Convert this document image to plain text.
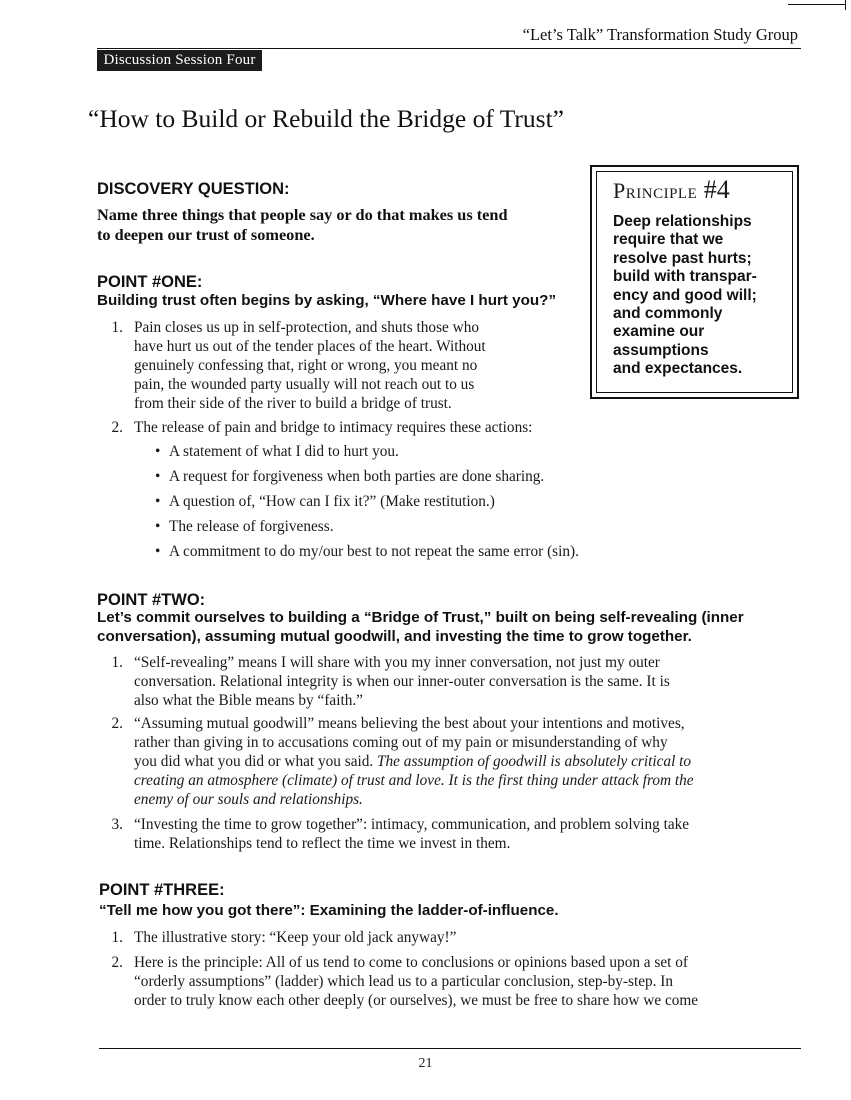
“Let’s Talk” Transformation Study Group
Discussion Session Four
“How to Build or Rebuild the Bridge of Trust”
Principle #4
Deep relationships
require that we
resolve past hurts;
build with transpar-
ency and good will;
and commonly
examine our
assumptions
and expectances.
DISCOVERY QUESTION:
Name three things that people say or do that makes us tend
to deepen our trust of someone.
POINT #ONE:
Building trust often begins by asking, “Where have I hurt you?”
1. Pain closes us up in self-protection, and shuts those who
have hurt us out of the tender places of the heart. Without
genuinely confessing that, right or wrong, you meant no
pain, the wounded party usually will not reach out to us
from their side of the river to build a bridge of trust.
2. The release of pain and bridge to intimacy requires these actions:
• A statement of what I did to hurt you.
• A request for forgiveness when both parties are done sharing.
• A question of, “How can I fix it?” (Make restitution.)
• The release of forgiveness.
• A commitment to do my/our best to not repeat the same error (sin).
POINT #TWO:
Let’s commit ourselves to building a “Bridge of Trust,” built on being self-revealing (inner
conversation), assuming mutual goodwill, and investing the time to grow together.
1. “Self-revealing” means I will share with you my inner conversation, not just my outer
conversation. Relational integrity is when our inner-outer conversation is the same. It is
also what the Bible means by “faith.”
2. “Assuming mutual goodwill” means believing the best about your intentions and motives,
rather than giving in to accusations coming out of my pain or misunderstanding of why
you did what you did or what you said. The assumption of goodwill is absolutely critical to
creating an atmosphere (climate) of trust and love. It is the first thing under attack from the
enemy of our souls and relationships.
3. “Investing the time to grow together”: intimacy, communication, and problem solving take
time. Relationships tend to reflect the time we invest in them.
POINT #THREE:
“Tell me how you got there”: Examining the ladder-of-influence.
1. The illustrative story: “Keep your old jack anyway!”
2. Here is the principle: All of us tend to come to conclusions or opinions based upon a set of
“orderly assumptions” (ladder) which lead us to a particular conclusion, step-by-step. In
order to truly know each other deeply (or ourselves), we must be free to share how we come
21
